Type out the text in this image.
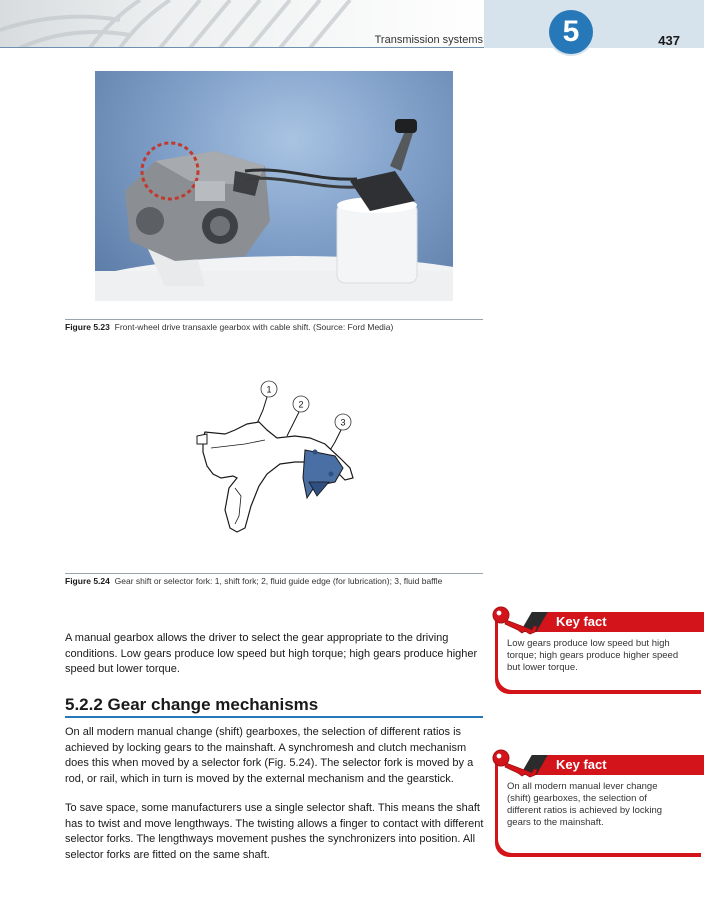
Transmission systems	5	437
Figure 5.23 Front-wheel drive transaxle gearbox with cable shift. (Source: Ford Media)
1
2
3
Figure 5.24 Gear shift or selector fork: 1, shift fork; 2, fluid guide edge (for lubrication); 3, fluid baffle

A manual gearbox allows the driver to select the gear appropriate to the driving conditions. Low gears produce low speed but high torque; high gears produce higher speed but lower torque.

5.2.2 Gear change mechanisms

On all modern manual change (shift) gearboxes, the selection of different ratios is achieved by locking gears to the mainshaft. A synchromesh and clutch mechanism does this when moved by a selector fork (Fig. 5.24). The selector fork is moved by a rod, or rail, which in turn is moved by the external mechanism and the gearstick.

To save space, some manufacturers use a single selector shaft. This means the shaft has to twist and move lengthways. The twisting allows a finger to contact with different selector forks. The lengthways movement pushes the synchronizers into position. All selector forks are fitted on the same shaft.

Key fact
Low gears produce low speed but high torque; high gears produce higher speed but lower torque.
Key fact
On all modern manual lever change (shift) gearboxes, the selection of different ratios is achieved by locking gears to the mainshaft.
